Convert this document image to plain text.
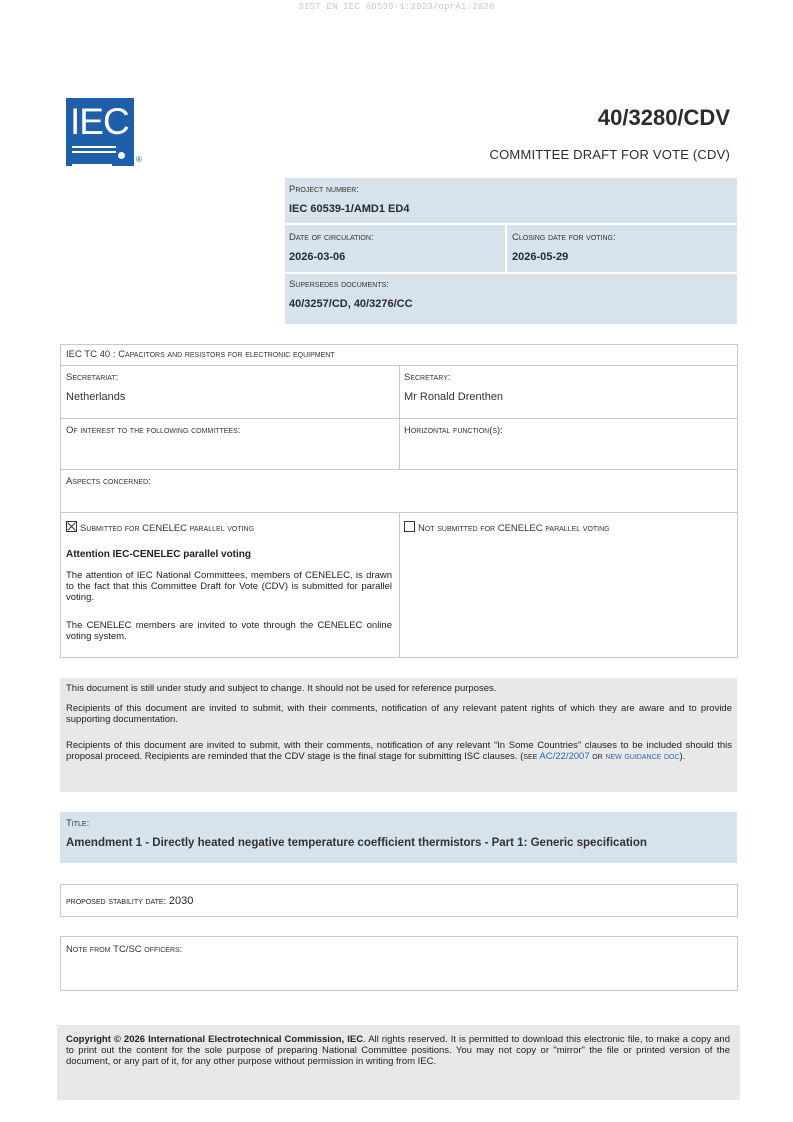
SIST EN IEC 60539-1:2023/oprA1:2026
IEC
®
40/3280/CDV
COMMITTEE DRAFT FOR VOTE (CDV)
Project number:
IEC 60539-1/AMD1 ED4
Date of circulation:
2026-03-06
Closing date for voting:
2026-05-29
Supersedes documents:
40/3257/CD, 40/3276/CC
IEC TC 40 : Capacitors and resistors for electronic equipment
Secretariat:
Netherlands
Secretary:
Mr Ronald Drenthen
Of interest to the following committees:	Horizontal function(s):
Aspects concerned:
Submitted for CENELEC parallel voting	Not submitted for CENELEC parallel voting
Attention IEC-CENELEC parallel voting
The attention of IEC National Committees, members of CENELEC, is drawn to the fact that this Committee Draft for Vote (CDV) is submitted for parallel voting.
The CENELEC members are invited to vote through the CENELEC online voting system.
This document is still under study and subject to change. It should not be used for reference purposes.
Recipients of this document are invited to submit, with their comments, notification of any relevant patent rights of which they are aware and to provide supporting documentation.
Recipients of this document are invited to submit, with their comments, notification of any relevant “In Some Countries” clauses to be included should this proposal proceed. Recipients are reminded that the CDV stage is the final stage for submitting ISC clauses. (see AC/22/2007 or new guidance doc).
Title:
Amendment 1 - Directly heated negative temperature coefficient thermistors - Part 1: Generic specification
proposed stability date: 2030
Note from TC/SC officers:
Copyright © 2026 International Electrotechnical Commission, IEC. All rights reserved. It is permitted to download this electronic file, to make a copy and to print out the content for the sole purpose of preparing National Committee positions. You may not copy or "mirror" the file or printed version of the document, or any part of it, for any other purpose without permission in writing from IEC.
